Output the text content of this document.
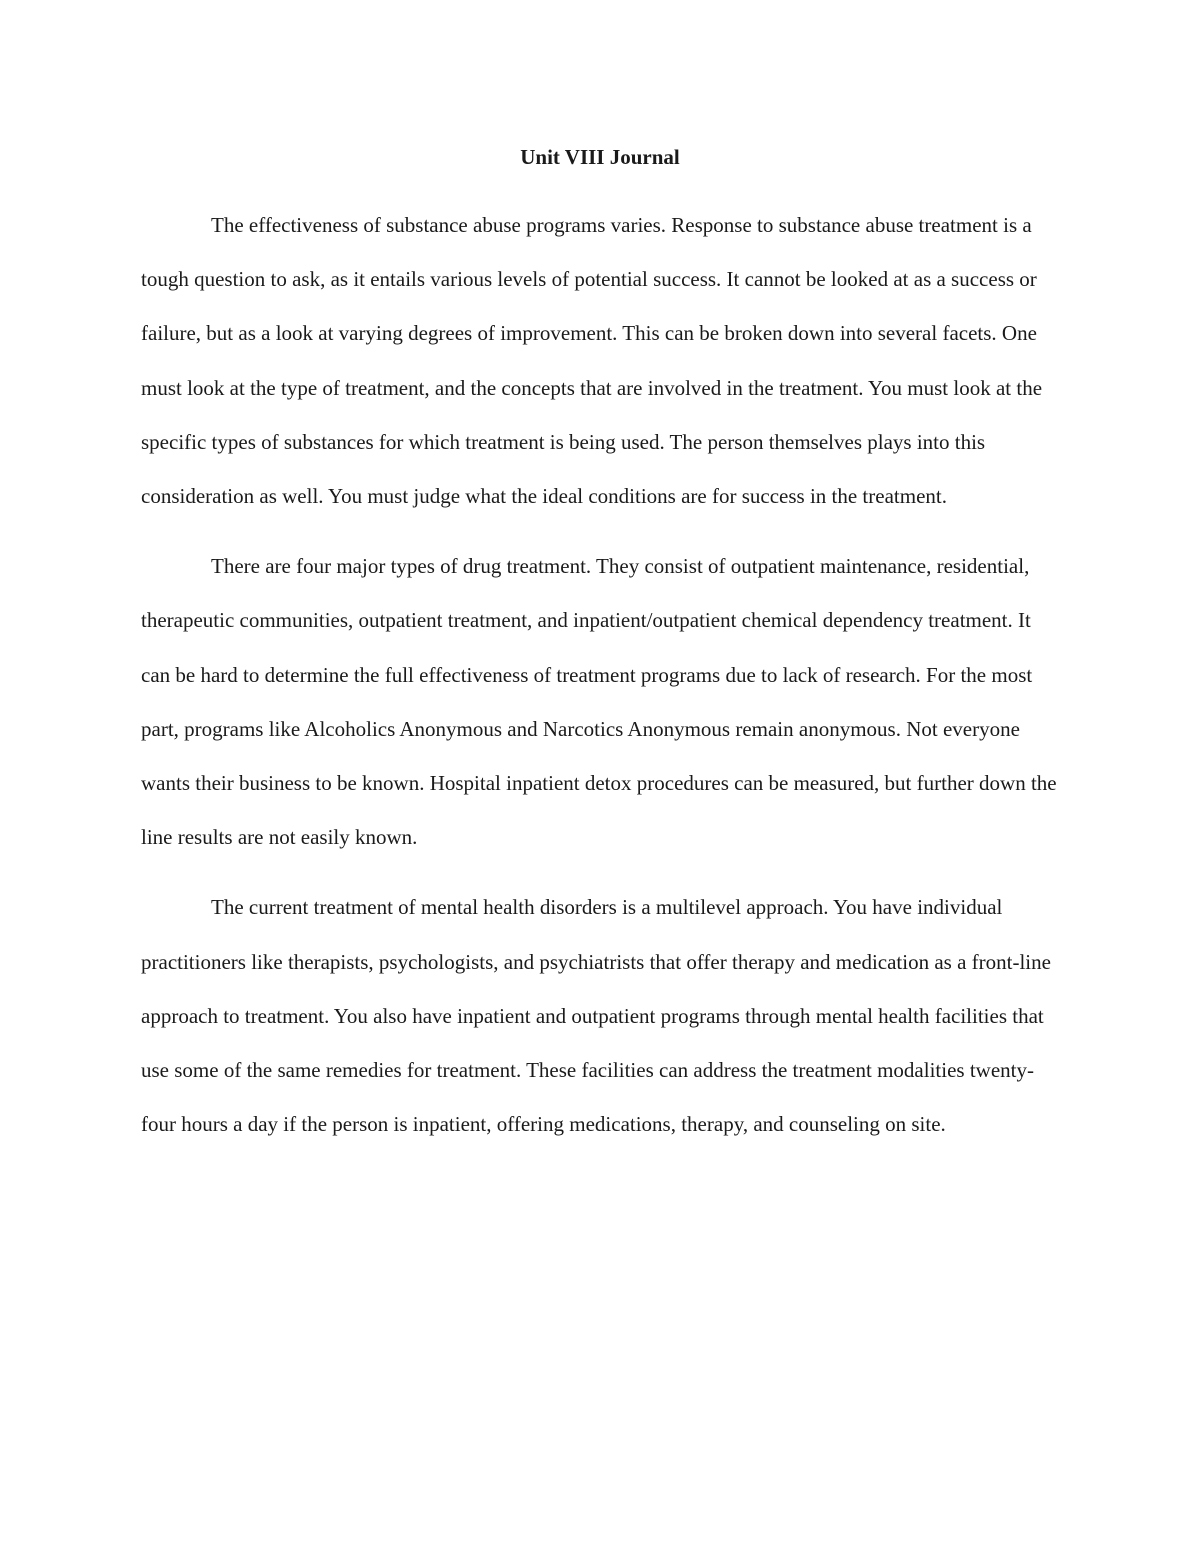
Unit VIII Journal

The effectiveness of substance abuse programs varies. Response to substance abuse treatment is a tough question to ask, as it entails various levels of potential success. It cannot be looked at as a success or failure, but as a look at varying degrees of improvement. This can be broken down into several facets. One must look at the type of treatment, and the concepts that are involved in the treatment. You must look at the specific types of substances for which treatment is being used. The person themselves plays into this consideration as well. You must judge what the ideal conditions are for success in the treatment.

There are four major types of drug treatment. They consist of outpatient maintenance, residential, therapeutic communities, outpatient treatment, and inpatient/outpatient chemical dependency treatment. It can be hard to determine the full effectiveness of treatment programs due to lack of research. For the most part, programs like Alcoholics Anonymous and Narcotics Anonymous remain anonymous. Not everyone wants their business to be known. Hospital inpatient detox procedures can be measured, but further down the line results are not easily known.

The current treatment of mental health disorders is a multilevel approach. You have individual practitioners like therapists, psychologists, and psychiatrists that offer therapy and medication as a front-line approach to treatment. You also have inpatient and outpatient programs through mental health facilities that use some of the same remedies for treatment. These facilities can address the treatment modalities twenty-four hours a day if the person is inpatient, offering medications, therapy, and counseling on site.
